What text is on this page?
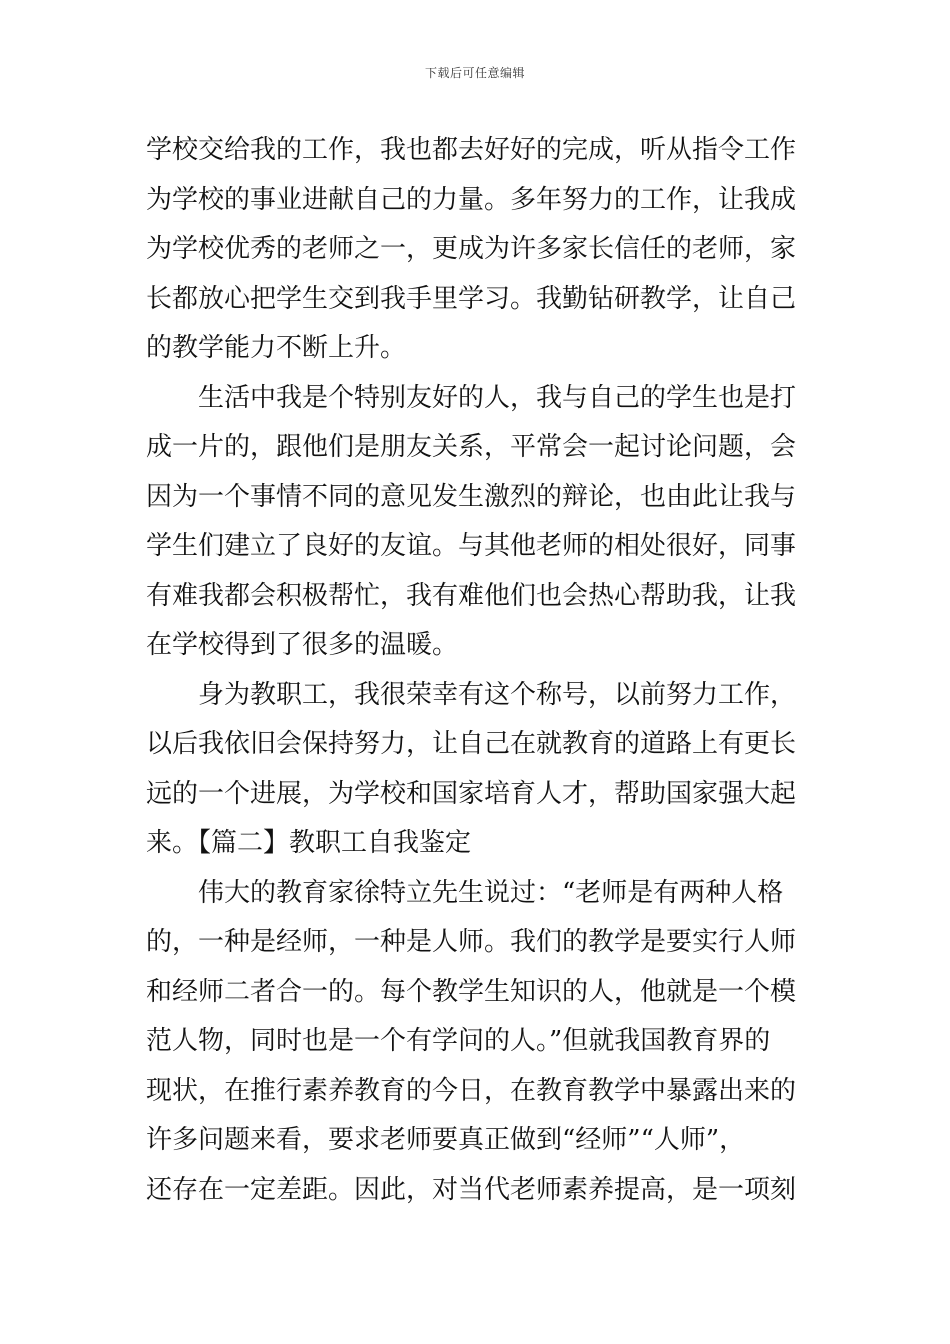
下载后可任意编辑
学校交给我的工作，我也都去好好的完成，听从指令工作
为学校的事业进献自己的力量。多年努力的工作，让我成
为学校优秀的老师之一，更成为许多家长信任的老师，家
长都放心把学生交到我手里学习。我勤钻研教学，让自己
的教学能力不断上升。
生活中我是个特别友好的人，我与自己的学生也是打
成一片的，跟他们是朋友关系，平常会一起讨论问题，会
因为一个事情不同的意见发生激烈的辩论，也由此让我与
学生们建立了良好的友谊。与其他老师的相处很好，同事
有难我都会积极帮忙，我有难他们也会热心帮助我，让我
在学校得到了很多的温暖。
身为教职工，我很荣幸有这个称号，以前努力工作，
以后我依旧会保持努力，让自己在就教育的道路上有更长
远的一个进展，为学校和国家培育人才，帮助国家强大起
来。【篇二】教职工自我鉴定
伟大的教育家徐特立先生说过：“老师是有两种人格
的，一种是经师，一种是人师。我们的教学是要实行人师
和经师二者合一的。每个教学生知识的人，他就是一个模
范人物，同时也是一个有学问的人。”但就我国教育界的
现状，在推行素养教育的今日，在教育教学中暴露出来的
许多问题来看，要求老师要真正做到“经师”“人师”，
还存在一定差距。因此，对当代老师素养提高，是一项刻
